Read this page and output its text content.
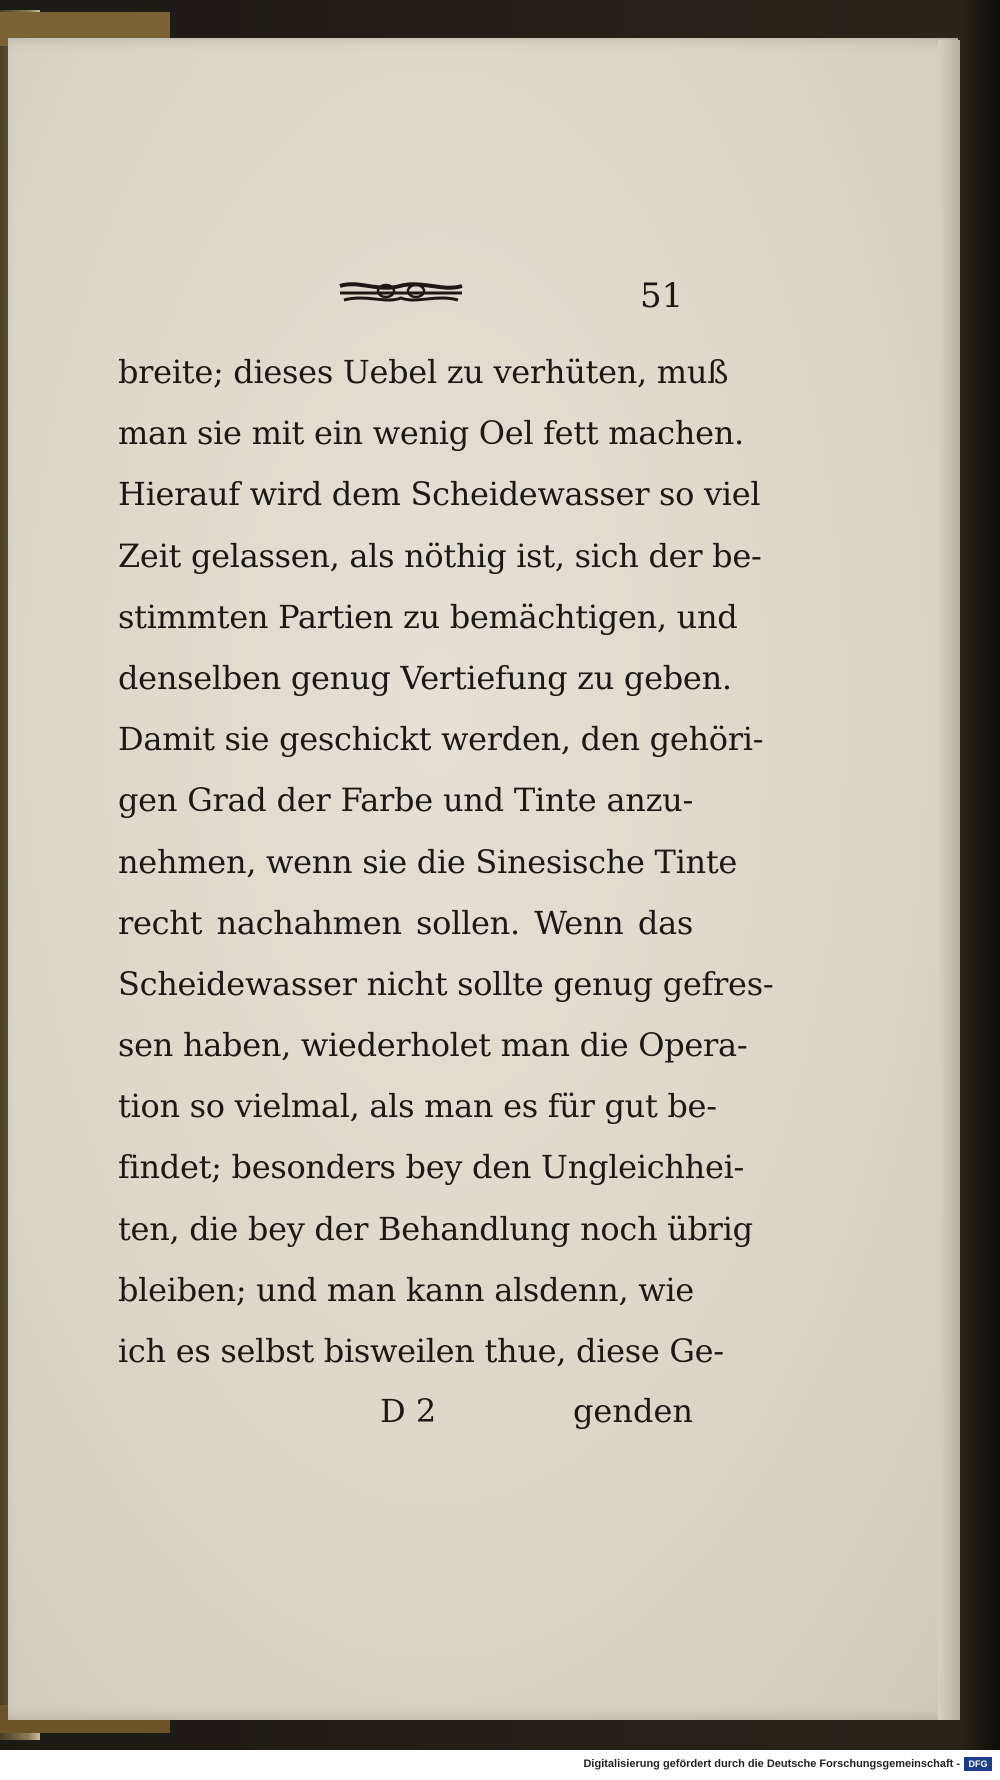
51
breite; dieses Uebel zu verhüten, muß
man sie mit ein wenig Oel fett machen.
Hierauf wird dem Scheidewasser so viel
Zeit gelassen, als nöthig ist, sich der be-
stimmten Partien zu bemächtigen, und
denselben genug Vertiefung zu geben.
Damit sie geschickt werden, den gehöri-
gen Grad der Farbe und Tinte anzu-
nehmen, wenn sie die Sinesische Tinte
recht nachahmen sollen. Wenn das
Scheidewasser nicht sollte genug gefres-
sen haben, wiederholet man die Opera-
tion so vielmal, als man es für gut be-
findet; besonders bey den Ungleichhei-
ten, die bey der Behandlung noch übrig
bleiben; und man kann alsdenn, wie
ich es selbst bisweilen thue, diese Ge-
D 2	genden
Digitalisierung gefördert durch die Deutsche Forschungsgemeinschaft - DFG
